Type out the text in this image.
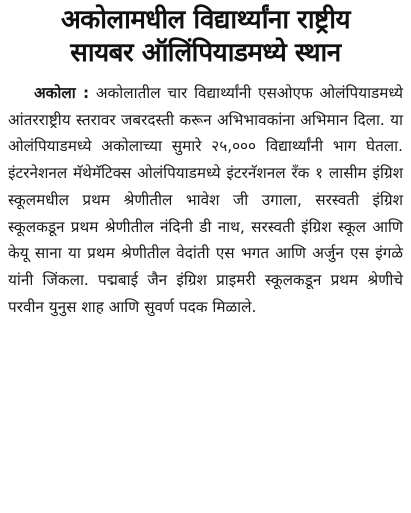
अकोलामधील विद्यार्थ्यांना राष्ट्रीय
सायबर ऑलिंपियाडमध्ये स्थान

अकोला : अकोलातील चार विद्यार्थ्यांनी एसओएफ ओलंपियाडमध्ये आंतरराष्ट्रीय स्तरावर जबरदस्ती करून अभिभावकांना अभिमान दिला. या ओलंपियाडमध्ये अकोलाच्या सुमारे २५,००० विद्यार्थ्यांनी भाग घेतला. इंटरनेशनल मॅथेमॅटिक्स ओलंपियाडमध्ये इंटरनॅशनल रँक १ लासीम इंग्रिश स्कूलमधील प्रथम श्रेणीतील भावेश जी उगाला, सरस्वती इंग्रिश स्कूलकडून प्रथम श्रेणीतील नंदिनी डी नाथ, सरस्वती इंग्रिश स्कूल आणि केयू साना या प्रथम श्रेणीतील वेदांती एस भगत आणि अर्जुन एस इंगळे यांनी जिंकला. पद्मबाई जैन इंग्रिश प्राइमरी स्कूलकडून प्रथम श्रेणीचे परवीन युनुस शाह आणि सुवर्ण पदक मिळाले.
